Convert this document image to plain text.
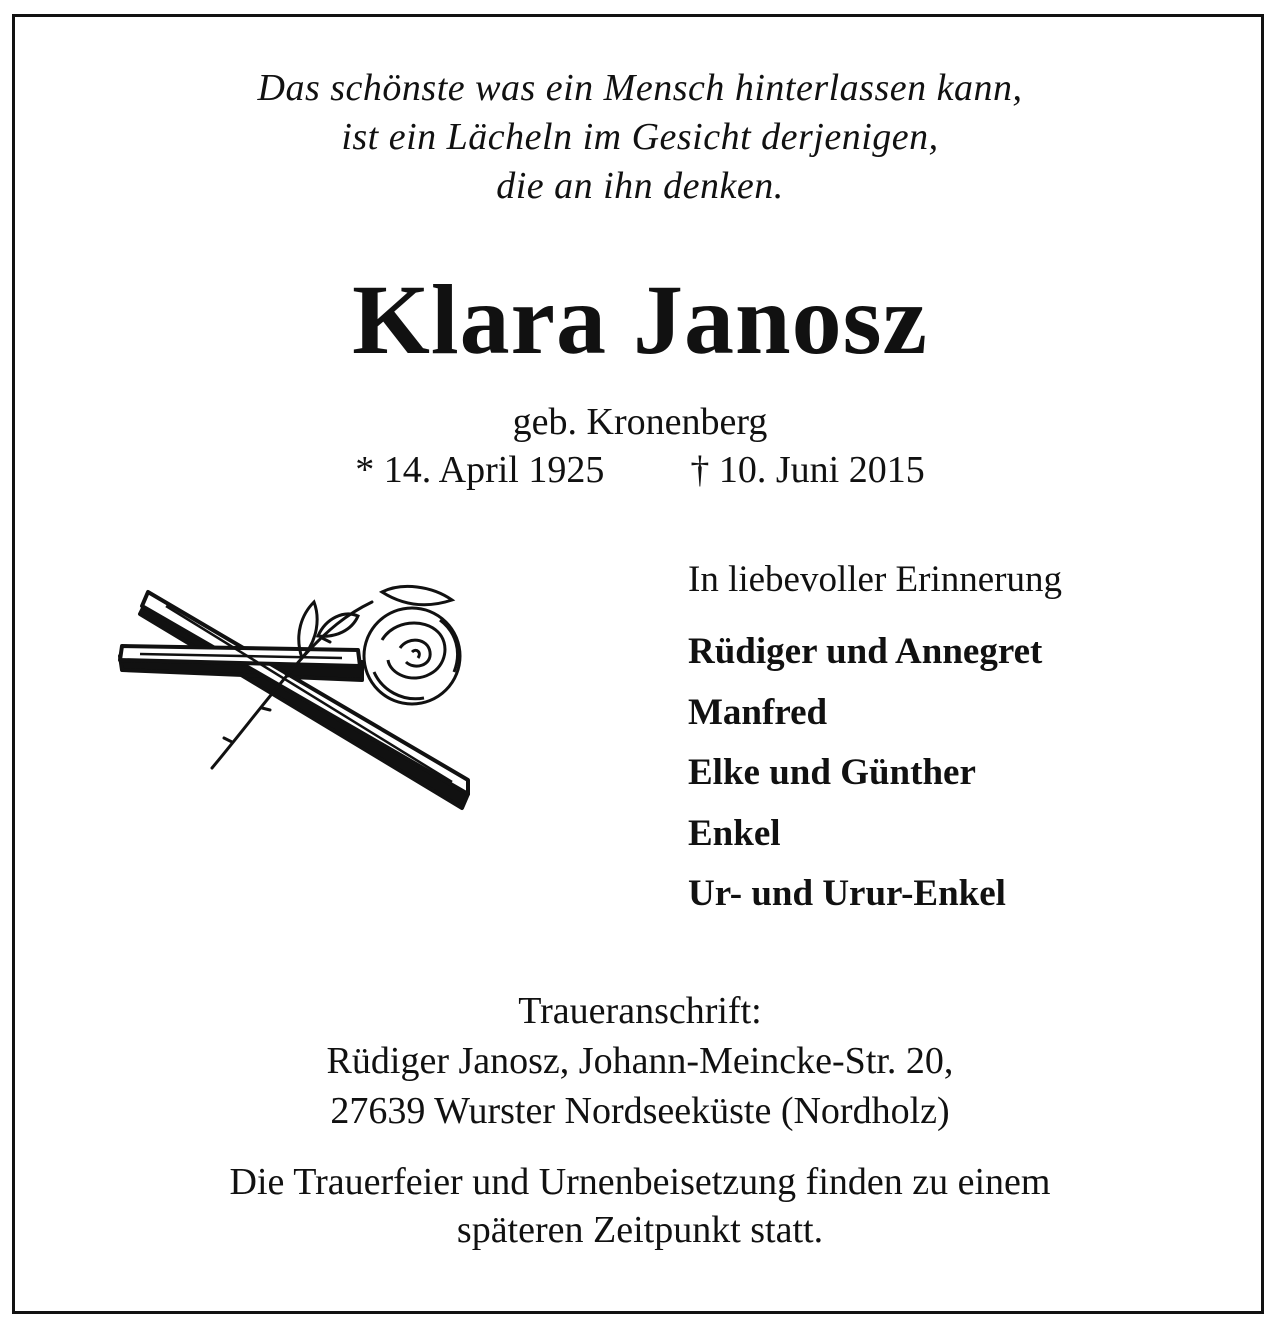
Das schönste was ein Mensch hinterlassen kann,
ist ein Lächeln im Gesicht derjenigen,
die an ihn denken.
Klara Janosz
geb. Kronenberg
* 14. April 1925 † 10. Juni 2015
In liebevoller Erinnerung
Rüdiger und Annegret
Manfred
Elke und Günther
Enkel
Ur- und Urur-Enkel
Traueranschrift:
Rüdiger Janosz, Johann-Meincke-Str. 20,
27639 Wurster Nordseeküste (Nordholz)
Die Trauerfeier und Urnenbeisetzung finden zu einem
späteren Zeitpunkt statt.
